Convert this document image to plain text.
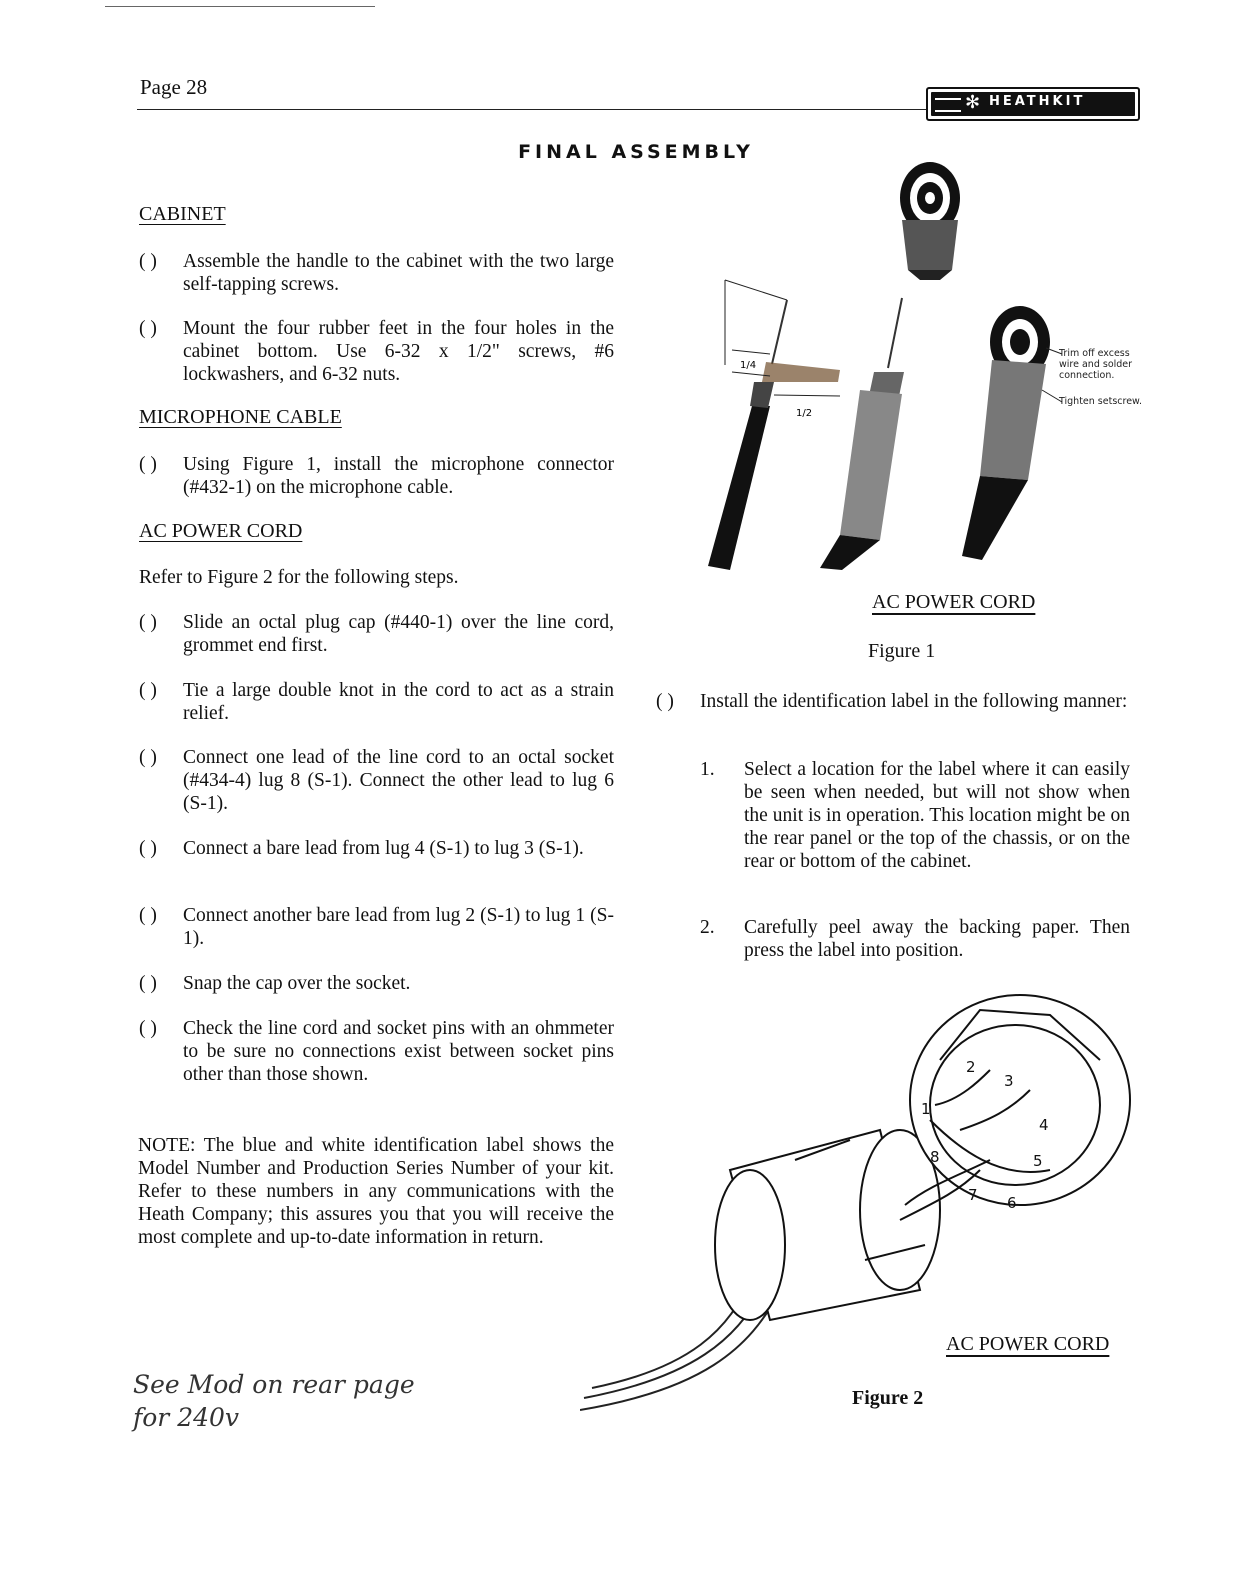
Page 28
✻ HEATHKIT
FINAL ASSEMBLY
CABINET
( ) Assemble the handle to the cabinet with the two large self-tapping screws.
( ) Mount the four rubber feet in the four holes in the cabinet bottom. Use 6-32 x 1/2" screws, #6 lockwashers, and 6-32 nuts.
MICROPHONE CABLE
( ) Using Figure 1, install the microphone connector (#432-1) on the microphone cable.
AC POWER CORD
Refer to Figure 2 for the following steps.
( ) Slide an octal plug cap (#440-1) over the line cord, grommet end first.
( ) Tie a large double knot in the cord to act as a strain relief.
( ) Connect one lead of the line cord to an octal socket (#434-4) lug 8 (S-1). Connect the other lead to lug 6 (S-1).
( ) Connect a bare lead from lug 4 (S-1) to lug 3 (S-1).
( ) Connect another bare lead from lug 2 (S-1) to lug 1 (S-1).
( ) Snap the cap over the socket.
( ) Check the line cord and socket pins with an ohmmeter to be sure no connections exist between socket pins other than those shown.
NOTE: The blue and white identification label shows the Model Number and Production Series Number of your kit. Refer to these numbers in any communications with the Heath Company; this assures you that you will receive the most complete and up-to-date information in return.
See Mod on rear page
for 240v
1/4
1/2
Trim off excess wire and solder connection.
Tighten setscrew.
AC POWER CORD
Figure 1
( ) Install the identification label in the following manner:
1. Select a location for the label where it can easily be seen when needed, but will not show when the unit is in operation. This location might be on the rear panel or the top of the chassis, or on the rear or bottom of the cabinet.
2. Carefully peel away the backing paper. Then press the label into position.
1
2
3
4
5
6
7
8
AC POWER CORD
Figure 2
